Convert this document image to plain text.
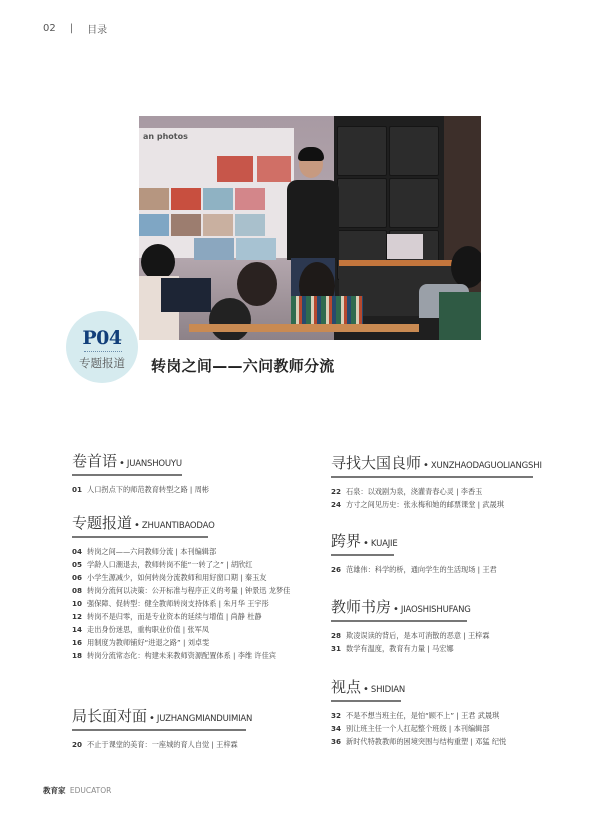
02 | 目录
an photos
P04
专题报道	转岗之间——六问教师分流
卷首语 • JUANSHOUYU
01 人口拐点下的师范教育转型之路 | 周彬
专题报道 • ZHUANTIBAODAO
04 转岗之间——六问教师分流 | 本刊编辑部
05 学龄人口潮退去，教师转岗不能“一转了之” | 胡欣红
06 小学生源减少，如何转岗分流教师和用好窗口期 | 秦玉友
08 转岗分流何以决策：公开标准与程序正义的考量 | 钟景迅 龙梦佳
10 强保障、促转型：健全教师转岗支持体系 | 朱月华 王宇彤
12 转岗不是归零，而是专业资本的延续与增值 | 尚静 杜静
14 走出身份迷思，重构职业价值 | 张军凤
16 用制度为教师铺好“进退之路” | 刘卓雯
18 转岗分流常态化：构建未来教师资源配置体系 | 李维 许佳宾
局长面对面 • JUZHANGMIANDUIMIAN
20 不止于课堂的美育：一座城的育人自觉 | 王梓霖
寻找大国良师 • XUNZHAODAGUOLIANGSHI
22 石泉：以戏剧为泉，浇灌青春心灵 | 李香玉
24 方寸之间见历史：张永梅和她的邮票课堂 | 武晟琪
跨界 • KUAJIE
26 范雄伟：科学的桥，通向学生的生活现场 | 王君
教师书房 • JIAOSHISHUFANG
28 欺凌误读的背后，是本可消散的恶意 | 王梓霖
31 数学有温度，教育有力量 | 马宏娜
视点 • SHIDIAN
32 不是不想当班主任，是怕“顾不上” | 王君 武晟琪
34 别让班主任一个人扛起整个班级 | 本刊编辑部
36 新时代特教教师的困境突围与结构重塑 | 邓猛 纪悦
教育家 EDUCATOR
